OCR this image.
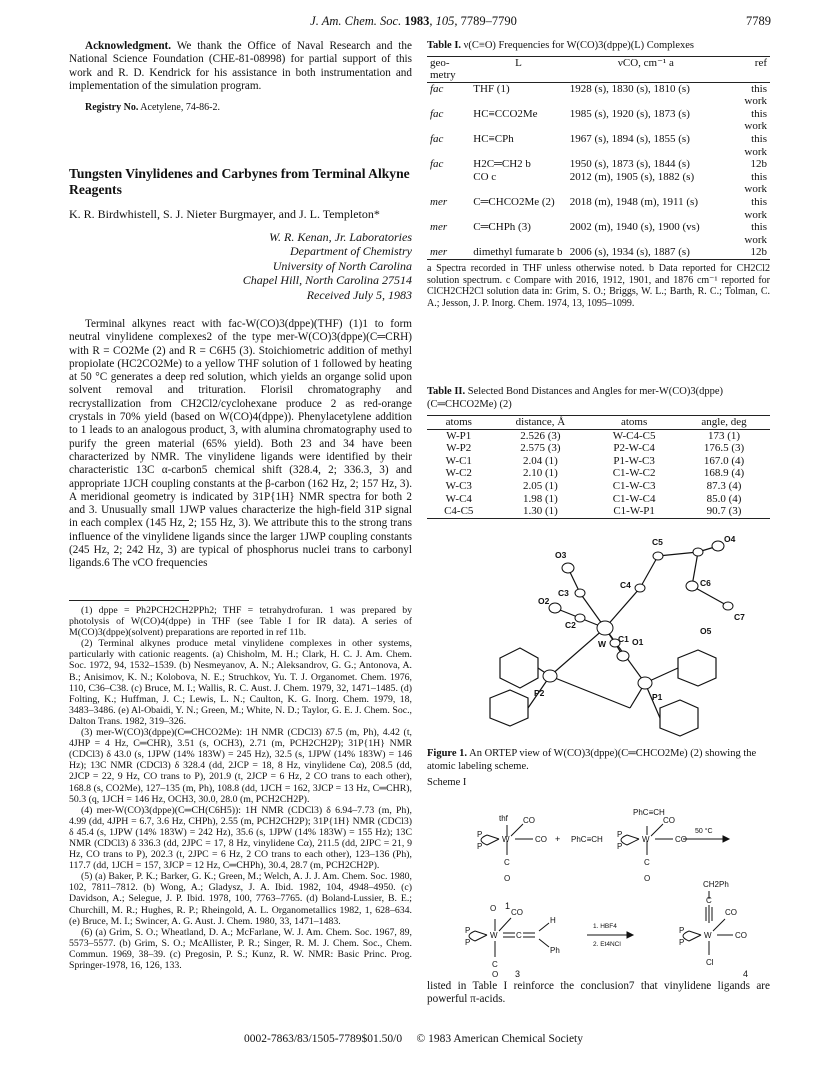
J. Am. Chem. Soc. 1983, 105, 7789–7790	7789

Acknowledgment. We thank the Office of Naval Research and the National Science Foundation (CHE-81-08998) for partial support of this work and R. D. Kendrick for his assistance in both instrumentation and implementation of the simulation program.

Registry No. Acetylene, 74-86-2.

Tungsten Vinylidenes and Carbynes from Terminal Alkyne Reagents

K. R. Birdwhistell, S. J. Nieter Burgmayer, and J. L. Templeton*

W. R. Kenan, Jr. Laboratories

Department of Chemistry

University of North Carolina

Chapel Hill, North Carolina 27514

Received July 5, 1983

Terminal alkynes react with fac-W(CO)3(dppe)(THF) (1)1 to form neutral vinylidene complexes2 of the type mer-W(CO)3(dppe)(C═CRH) with R = CO2Me (2) and R = C6H5 (3). Stoichiometric addition of methyl propiolate (HC2CO2Me) to a yellow THF solution of 1 followed by heating at 50 °C generates a deep red solution, which yields an organge solid upon solvent removal and trituration. Florisil chromatography and recrystallization from CH2Cl2/cyclohexane produce 2 as red-orange crystals in 70% yield (based on W(CO)4(dppe)). Phenylacetylene addition to 1 leads to an analogous product, 3, with alumina chromatography used to purify the green material (65% yield). Both 23 and 34 have been characterized by NMR. The vinylidene ligands were identified by their characteristic 13C α-carbon5 chemical shift (328.4, 2; 336.3, 3) and appropriate 1JCH coupling constants at the β-carbon (162 Hz, 2; 157 Hz, 3). A meridional geometry is indicated by 31P{1H} NMR spectra for both 2 and 3. Unusually small 1JWP values characterize the high-field 31P signal in each complex (145 Hz, 2; 155 Hz, 3). We attribute this to the strong trans influence of the vinylidene ligands since the larger 1JWP coupling constants (245 Hz, 2; 242 Hz, 3) are typical of phosphorus nuclei trans to carbonyl ligands.6 The νCO frequencies

(1) dppe = Ph2PCH2CH2PPh2; THF = tetrahydrofuran. 1 was prepared by photolysis of W(CO)4(dppe) in THF (see Table I for IR data). A series of M(CO)3(dppe)(solvent) preparations are reported in ref 11b.

(2) Terminal alkynes produce metal vinylidene complexes in other systems, particularly with cationic reagents. (a) Chisholm, M. H.; Clark, H. C. J. Am. Chem. Soc. 1972, 94, 1532–1539. (b) Nesmeyanov, A. N.; Aleksandrov, G. G.; Antonova, A. B.; Anisimov, K. N.; Kolobova, N. E.; Struchkov, Yu. T. J. Organomet. Chem. 1976, 110, C36–C38. (c) Bruce, M. I.; Wallis, R. C. Aust. J. Chem. 1979, 32, 1471–1485. (d) Folting, K.; Huffman, J. C.; Lewis, L. N.; Caulton, K. G. Inorg. Chem. 1979, 18, 3483–3486. (e) Al-Obaidi, Y. N.; Green, M.; White, N. D.; Taylor, G. E. J. Chem. Soc., Dalton Trans. 1982, 319–326.

(3) mer-W(CO)3(dppe)(C═CHCO2Me): 1H NMR (CDCl3) δ7.5 (m, Ph), 4.42 (t, 4JHP = 4 Hz, C═CHR), 3.51 (s, OCH3), 2.71 (m, PCH2CH2P); 31P{1H} NMR (CDCl3) δ 43.0 (s, 1JPW (14% 183W) = 245 Hz), 32.5 (s, 1JPW (14% 183W) = 146 Hz); 13C NMR (CDCl3) δ 328.4 (dd, 2JCP = 18, 8 Hz, vinylidene Cα), 208.5 (dd, 2JCP = 22, 9 Hz, CO trans to P), 201.9 (t, 2JCP = 6 Hz, 2 CO trans to each other), 168.8 (s, CO2Me), 127–135 (m, Ph), 108.8 (dd, 1JCH = 162, 3JCP = 13 Hz, C═CHR), 50.3 (q, 1JCH = 146 Hz, OCH3, 30.0, 28.0 (m, PCH2CH2P).

(4) mer-W(CO)3(dppe)(C═CH(C6H5)): 1H NMR (CDCl3) δ 6.94–7.73 (m, Ph), 4.99 (dd, 4JPH = 6.7, 3.6 Hz, CHPh), 2.55 (m, PCH2CH2P); 31P{1H} NMR (CDCl3) δ 45.4 (s, 1JPW (14% 183W) = 242 Hz), 35.6 (s, 1JPW (14% 183W) = 155 Hz); 13C NMR (CDCl3) δ 336.3 (dd, 2JPC = 17, 8 Hz, vinylidene Cα), 211.5 (dd, 2JPC = 21, 9 Hz, CO trans to P), 202.3 (t, 2JPC = 6 Hz, 2 CO trans to each other), 123–136 (Ph), 117.7 (dd, 1JCH = 157, 3JCP = 12 Hz, C═CHPh), 30.4, 28.7 (m, PCH2CH2P).

(5) (a) Baker, P. K.; Barker, G. K.; Green, M.; Welch, A. J. J. Am. Chem. Soc. 1980, 102, 7811–7812. (b) Wong, A.; Gladysz, J. A. Ibid. 1982, 104, 4948–4950. (c) Davidson, A.; Selegue, J. P. Ibid. 1978, 100, 7763–7765. (d) Boland-Lussier, B. E.; Churchill, M. R.; Hughes, R. P.; Rheingold, A. L. Organometallics 1982, 1, 628–634. (e) Bruce, M. I.; Swincer, A. G. Aust. J. Chem. 1980, 33, 1471–1483.

(6) (a) Grim, S. O.; Wheatland, D. A.; McFarlane, W. J. Am. Chem. Soc. 1967, 89, 5573–5577. (b) Grim, S. O.; McAllister, P. R.; Singer, R. M. J. Chem. Soc., Chem. Commun. 1969, 38–39. (c) Pregosin, P. S.; Kunz, R. W. NMR: Basic Princ. Prog. Springer-1978, 16, 126, 133.

Table I. ν(C≡O) Frequencies for W(CO)3(dppe)(L) Complexes
geo- metry	L	νCO, cm⁻¹ a	ref
fac	THF (1)	1928 (s), 1830 (s), 1810 (s)	this work
fac	HC≡CCO2Me	1985 (s), 1920 (s), 1873 (s)	this work
fac	HC≡CPh	1967 (s), 1894 (s), 1855 (s)	this work
fac	H2C═CH2 b	1950 (s), 1873 (s), 1844 (s)	12b
	CO c	2012 (m), 1905 (s), 1882 (s)	this work
mer	C═CHCO2Me (2)	2018 (m), 1948 (m), 1911 (s)	this work
mer	C═CHPh (3)	2002 (m), 1940 (s), 1900 (vs)	this work
mer	dimethyl fumarate b	2006 (s), 1934 (s), 1887 (s)	12b
a Spectra recorded in THF unless otherwise noted. b Data reported for CH2Cl2 solution spectrum. c Compare with 2016, 1912, 1901, and 1876 cm⁻¹ reported for ClCH2CH2Cl solution data in: Grim, S. O.; Briggs, W. L.; Barth, R. C.; Tolman, C. A.; Jesson, J. P. Inorg. Chem. 1974, 13, 1095–1099.
Table II. Selected Bond Distances and Angles for mer-W(CO)3(dppe)(C═CHCO2Me) (2)
atoms	distance, Å	atoms	angle, deg
W-P1	2.526 (3)	W-C4-C5	173 (1)
W-P2	2.575 (3)	P2-W-C4	176.5 (3)
W-C1	2.04 (1)	P1-W-C3	167.0 (4)
W-C2	2.10 (1)	C1-W-C2	168.9 (4)
W-C3	2.05 (1)	C1-W-C3	87.3 (4)
W-C4	1.98 (1)	C1-W-C4	85.0 (4)
C4-C5	1.30 (1)	C1-W-P1	90.7 (3)
O3
C5	O4
C3
C4	C6
O2
C2
O5
C7
W C1 O1
P2	P1
Figure 1. An ORTEP view of W(CO)3(dppe)(C═CHCO2Me) (2) showing the atomic labeling scheme.
Scheme I
thf CO
CO
P
P
W
C
O
1
+ PhC≡CH
PhC≡CH
CO
CO
W
P
P
C
O
50 °C
O CO
W
P
P
C
H
Ph
C
O 3
1. HBF4
2. Et4NCl
CH2Ph
C
W
P
P
CO
CO
Cl
4

listed in Table I reinforce the conclusion7 that vinylidene ligands are powerful π-acids.

0002-7863/83/1505-7789$01.50/0 © 1983 American Chemical Society
